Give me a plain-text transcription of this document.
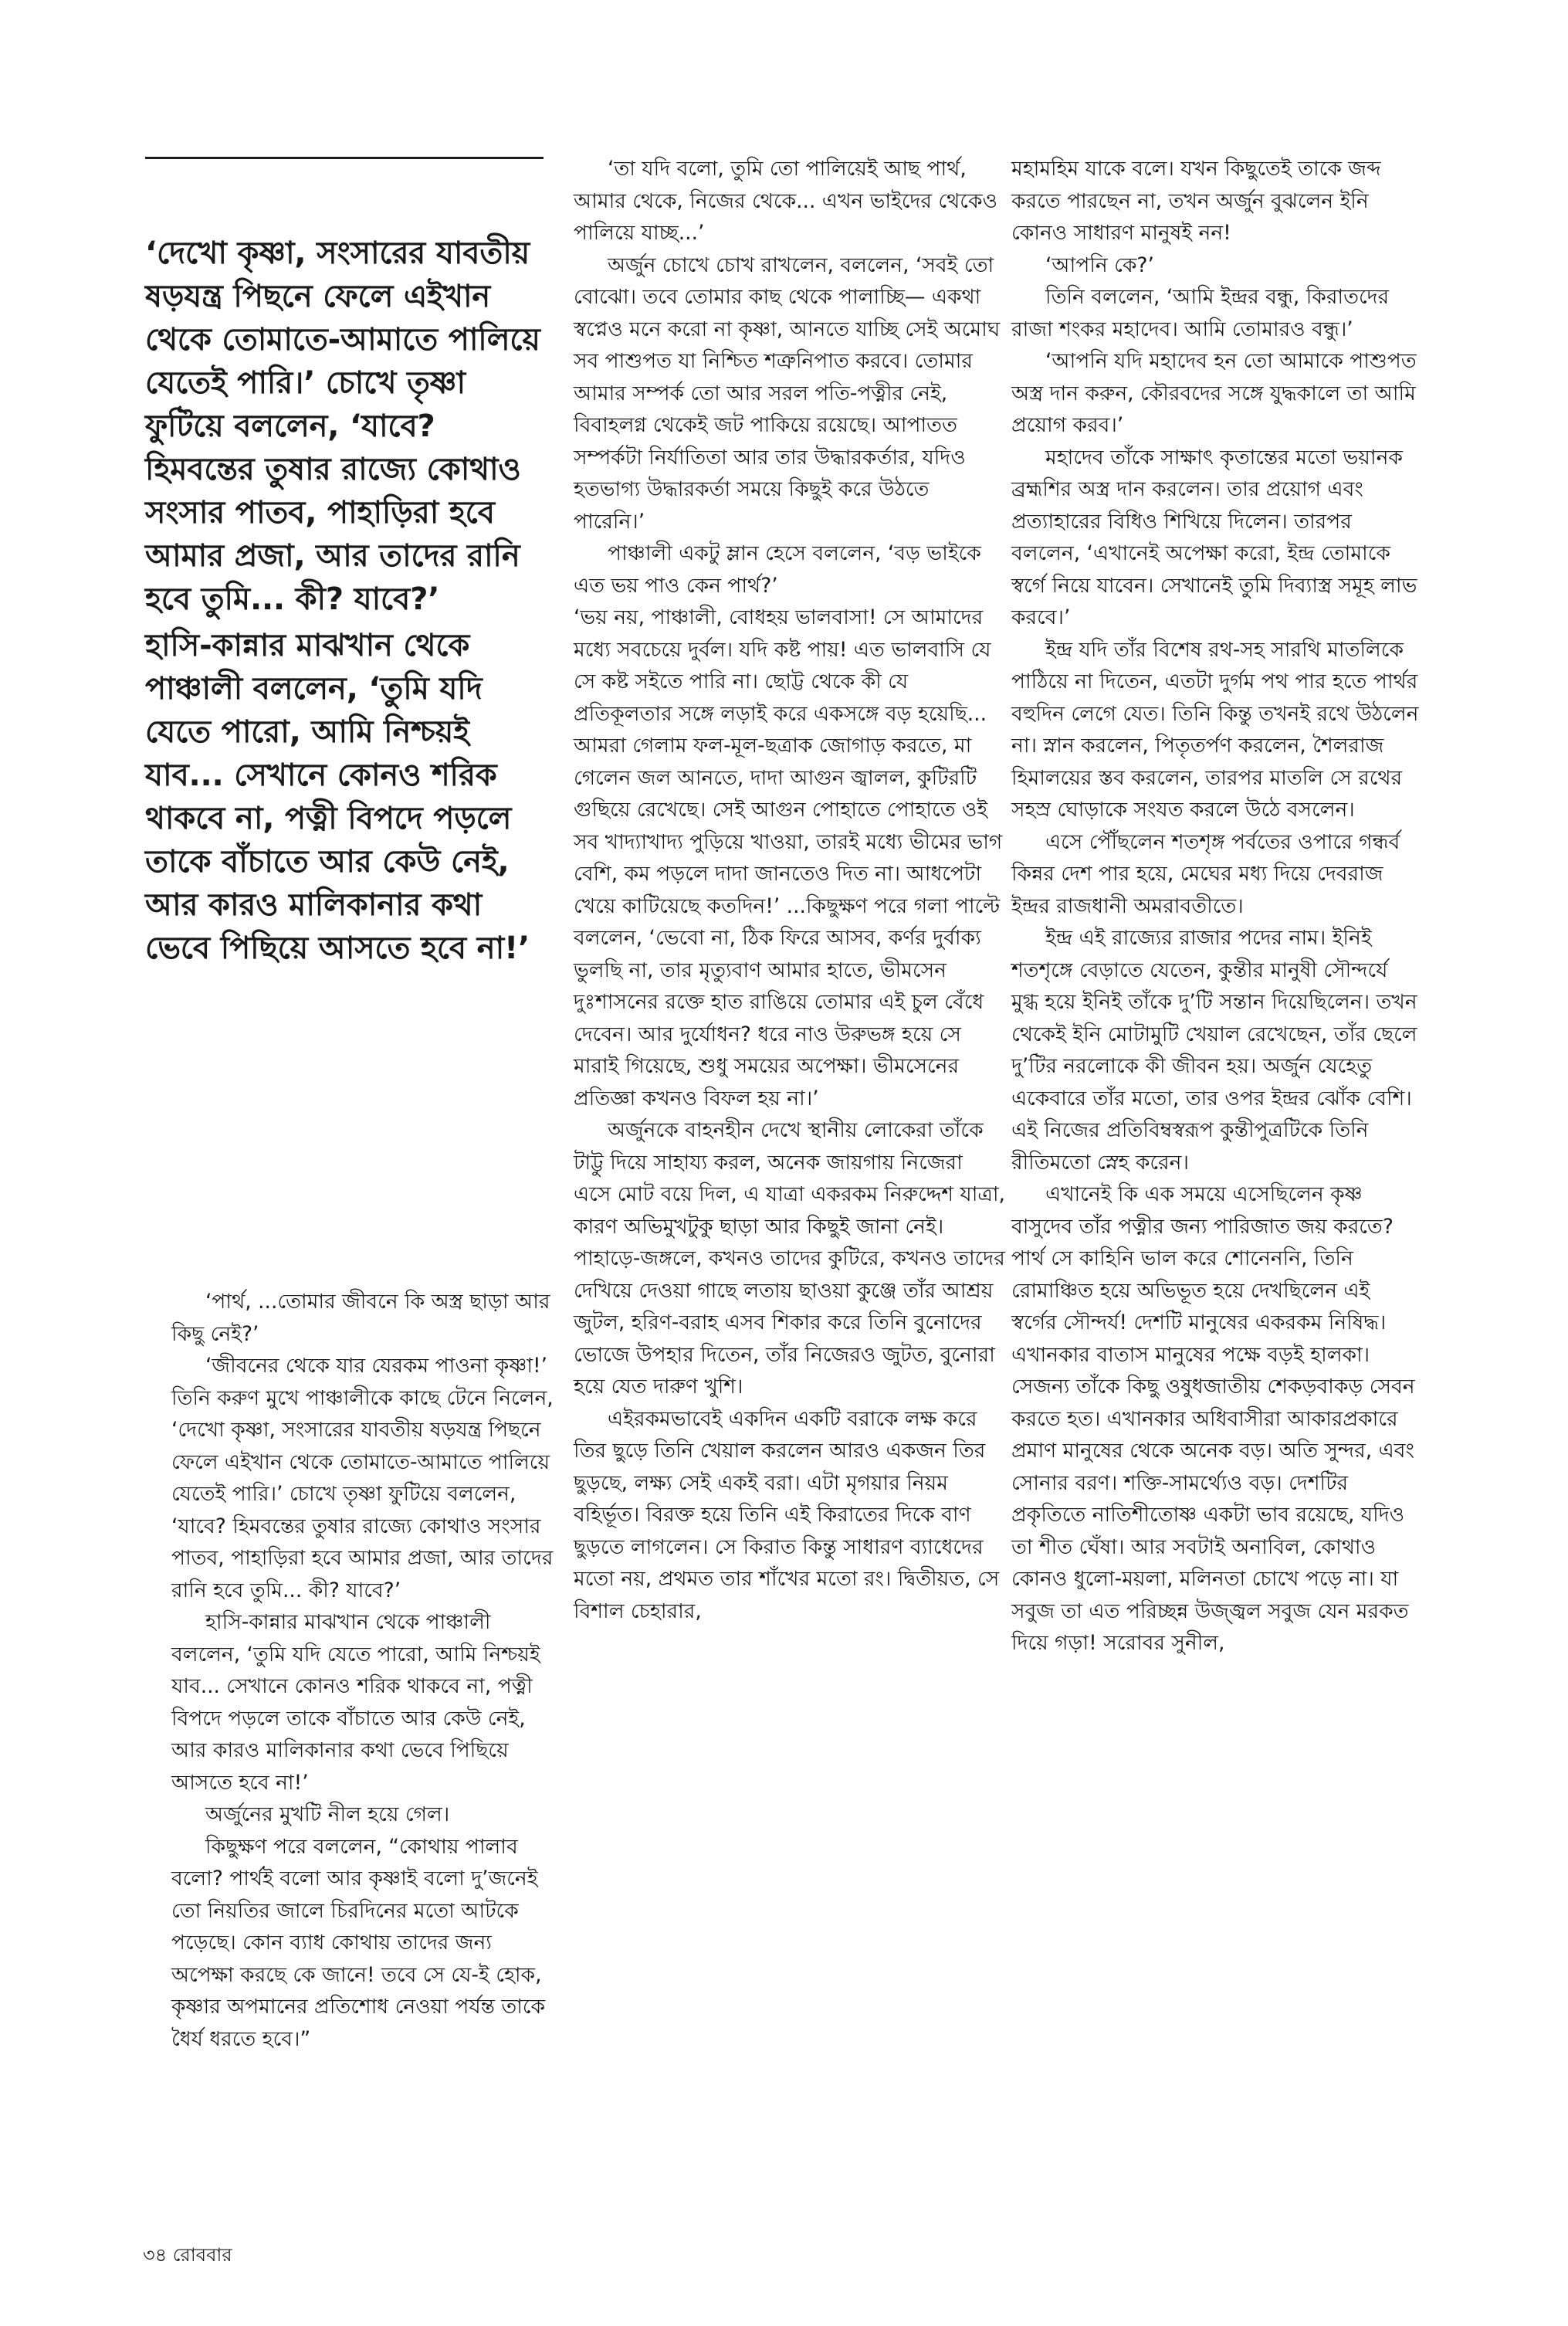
‘দেখো কৃষ্ণা, সংসারের যাবতীয় ষড়যন্ত্র পিছনে ফেলে এইখান থেকে তোমাতে-আমাতে পালিয়ে যেতেই পারি।’ চোখে তৃষ্ণা ফুটিয়ে বললেন, ‘যাবে? হিমবন্তের তুষার রাজ্যে কোথাও সংসার পাতব, পাহাড়িরা হবে আমার প্রজা, আর তাদের রানি হবে তুমি... কী? যাবে?’

হাসি-কান্নার মাঝখান থেকে পাঞ্চালী বললেন, ‘তুমি যদি যেতে পারো, আমি নিশ্চয়ই যাব... সেখানে কোনও শরিক থাকবে না, পত্নী বিপদে পড়লে তাকে বাঁচাতে আর কেউ নেই, আর কারও মালিকানার কথা ভেবে পিছিয়ে আসতে হবে না!’

‘পার্থ, ...তোমার জীবনে কি অস্ত্র ছাড়া আর কিছু নেই?’

‘জীবনের থেকে যার যেরকম পাওনা কৃষ্ণা!’ তিনি করুণ মুখে পাঞ্চালীকে কাছে টেনে নিলেন, ‘দেখো কৃষ্ণা, সংসারের যাবতীয় ষড়যন্ত্র পিছনে ফেলে এইখান থেকে তোমাতে-আমাতে পালিয়ে যেতেই পারি।’ চোখে তৃষ্ণা ফুটিয়ে বললেন, ‘যাবে? হিমবন্তের তুষার রাজ্যে কোথাও সংসার পাতব, পাহাড়িরা হবে আমার প্রজা, আর তাদের রানি হবে তুমি... কী? যাবে?’

হাসি-কান্নার মাঝখান থেকে পাঞ্চালী বললেন, ‘তুমি যদি যেতে পারো, আমি নিশ্চয়ই যাব... সেখানে কোনও শরিক থাকবে না, পত্নী বিপদে পড়লে তাকে বাঁচাতে আর কেউ নেই, আর কারও মালিকানার কথা ভেবে পিছিয়ে আসতে হবে না!’

অর্জুনের মুখটি নীল হয়ে গেল।

কিছুক্ষণ পরে বললেন, “কোথায় পালাব বলো? পার্থই বলো আর কৃষ্ণাই বলো দু’জনেই তো নিয়তির জালে চিরদিনের মতো আটকে পড়েছে। কোন ব্যাধ কোথায় তাদের জন্য অপেক্ষা করছে কে জানে! তবে সে যে-ই হোক, কৃষ্ণার অপমানের প্রতিশোধ নেওয়া পর্যন্ত তাকে ধৈর্য ধরতে হবে।”

‘তা যদি বলো, তুমি তো পালিয়েই আছ পার্থ, আমার থেকে, নিজের থেকে... এখন ভাইদের থেকেও পালিয়ে যাচ্ছ...’

অর্জুন চোখে চোখ রাখলেন, বললেন, ‘সবই তো বোঝো। তবে তোমার কাছ থেকে পালাচ্ছি— একথা স্বপ্নেও মনে করো না কৃষ্ণা, আনতে যাচ্ছি সেই অমোঘ সব পাশুপত যা নিশ্চিত শত্রুনিপাত করবে। তোমার আমার সম্পর্ক তো আর সরল পতি-পত্নীর নেই, বিবাহলগ্ন থেকেই জট পাকিয়ে রয়েছে। আপাতত সম্পর্কটা নির্যাতিতা আর তার উদ্ধারকর্তার, যদিও হতভাগ্য উদ্ধারকর্তা সময়ে কিছুই করে উঠতে পারেনি।’

পাঞ্চালী একটু ম্লান হেসে বললেন, ‘বড় ভাইকে এত ভয় পাও কেন পার্থ?’

‘ভয় নয়, পাঞ্চালী, বোধহয় ভালবাসা! সে আমাদের মধ্যে সবচেয়ে দুর্বল। যদি কষ্ট পায়! এত ভালবাসি যে সে কষ্ট সইতে পারি না। ছোট্ট থেকে কী যে প্রতিকূলতার সঙ্গে লড়াই করে একসঙ্গে বড় হয়েছি... আমরা গেলাম ফল-মূল-ছত্রাক জোগাড় করতে, মা গেলেন জল আনতে, দাদা আগুন জ্বালল, কুটিরটি গুছিয়ে রেখেছে। সেই আগুন পোহাতে পোহাতে ওই সব খাদ্যাখাদ্য পুড়িয়ে খাওয়া, তারই মধ্যে ভীমের ভাগ বেশি, কম পড়লে দাদা জানতেও দিত না। আধপেটা খেয়ে কাটিয়েছে কতদিন!’ ...কিছুক্ষণ পরে গলা পাল্টে বললেন, ‘ভেবো না, ঠিক ফিরে আসব, কর্ণর দুর্বাক্য ভুলছি না, তার মৃত্যুবাণ আমার হাতে, ভীমসেন দুঃশাসনের রক্তে হাত রাঙিয়ে তোমার এই চুল বেঁধে দেবেন। আর দুর্যোধন? ধরে নাও উরুভঙ্গ হয়ে সে মারাই গিয়েছে, শুধু সময়ের অপেক্ষা। ভীমসেনের প্রতিজ্ঞা কখনও বিফল হয় না।’

অর্জুনকে বাহনহীন দেখে স্থানীয় লোকেরা তাঁকে টাট্টু দিয়ে সাহায্য করল, অনেক জায়গায় নিজেরা এসে মোট বয়ে দিল, এ যাত্রা একরকম নিরুদ্দেশ যাত্রা, কারণ অভিমুখটুকু ছাড়া আর কিছুই জানা নেই। পাহাড়ে-জঙ্গলে, কখনও তাদের কুটিরে, কখনও তাদের দেখিয়ে দেওয়া গাছে লতায় ছাওয়া কুঞ্জে তাঁর আশ্রয় জুটল, হরিণ-বরাহ এসব শিকার করে তিনি বুনোদের ভোজে উপহার দিতেন, তাঁর নিজেরও জুটত, বুনোরা হয়ে যেত দারুণ খুশি।

এইরকমভাবেই একদিন একটি বরাকে লক্ষ করে তির ছুড়ে তিনি খেয়াল করলেন আরও একজন তির ছুড়ছে, লক্ষ্য সেই একই বরা। এটা মৃগয়ার নিয়ম বহির্ভূত। বিরক্ত হয়ে তিনি এই কিরাতের দিকে বাণ ছুড়তে লাগলেন। সে কিরাত কিন্তু সাধারণ ব্যাধেদের মতো নয়, প্রথমত তার শাঁখের মতো রং। দ্বিতীয়ত, সে বিশাল চেহারার,

মহামহিম যাকে বলে। যখন কিছুতেই তাকে জব্দ করতে পারছেন না, তখন অর্জুন বুঝলেন ইনি কোনও সাধারণ মানুষই নন!

‘আপনি কে?’

তিনি বললেন, ‘আমি ইন্দ্রর বন্ধু, কিরাতদের রাজা শংকর মহাদেব। আমি তোমারও বন্ধু।’

‘আপনি যদি মহাদেব হন তো আমাকে পাশুপত অস্ত্র দান করুন, কৌরবদের সঙ্গে যুদ্ধকালে তা আমি প্রয়োগ করব।’

মহাদেব তাঁকে সাক্ষাৎ কৃতান্তের মতো ভয়ানক ব্রহ্মশির অস্ত্র দান করলেন। তার প্রয়োগ এবং প্রত্যাহারের বিধিও শিখিয়ে দিলেন। তারপর বললেন, ‘এখানেই অপেক্ষা করো, ইন্দ্র তোমাকে স্বর্গে নিয়ে যাবেন। সেখানেই তুমি দিব্যাস্ত্র সমূহ লাভ করবে।’

ইন্দ্র যদি তাঁর বিশেষ রথ-সহ সারথি মাতলিকে পাঠিয়ে না দিতেন, এতটা দুর্গম পথ পার হতে পার্থর বহুদিন লেগে যেত। তিনি কিন্তু তখনই রথে উঠলেন না। স্নান করলেন, পিতৃতর্পণ করলেন, শৈলরাজ হিমালয়ের স্তব করলেন, তারপর মাতলি সে রথের সহস্র ঘোড়াকে সংযত করলে উঠে বসলেন।

এসে পৌঁছলেন শতশৃঙ্গ পর্বতের ওপারে গন্ধর্ব কিন্নর দেশ পার হয়ে, মেঘের মধ্য দিয়ে দেবরাজ ইন্দ্রর রাজধানী অমরাবতীতে।

ইন্দ্র এই রাজ্যের রাজার পদের নাম। ইনিই শতশৃঙ্গে বেড়াতে যেতেন, কুন্তীর মানুষী সৌন্দর্যে মুগ্ধ হয়ে ইনিই তাঁকে দু’টি সন্তান দিয়েছিলেন। তখন থেকেই ইনি মোটামুটি খেয়াল রেখেছেন, তাঁর ছেলে দু’টির নরলোকে কী জীবন হয়। অর্জুন যেহেতু একেবারে তাঁর মতো, তার ওপর ইন্দ্রর ঝোঁক বেশি। এই নিজের প্রতিবিম্বস্বরূপ কুন্তীপুত্রটিকে তিনি রীতিমতো স্নেহ করেন।

এখানেই কি এক সময়ে এসেছিলেন কৃষ্ণ বাসুদেব তাঁর পত্নীর জন্য পারিজাত জয় করতে? পার্থ সে কাহিনি ভাল করে শোনেননি, তিনি রোমাঞ্চিত হয়ে অভিভূত হয়ে দেখছিলেন এই স্বর্গের সৌন্দর্য! দেশটি মানুষের একরকম নিষিদ্ধ। এখানকার বাতাস মানুষের পক্ষে বড়ই হালকা। সেজন্য তাঁকে কিছু ওষুধজাতীয় শেকড়বাকড় সেবন করতে হত। এখানকার অধিবাসীরা আকারপ্রকারে প্রমাণ মানুষের থেকে অনেক বড়। অতি সুন্দর, এবং সোনার বরণ। শক্তি-সামর্থ্যেও বড়। দেশটির প্রকৃতিতে নাতিশীতোষ্ণ একটা ভাব রয়েছে, যদিও তা শীত ঘেঁষা। আর সবটাই অনাবিল, কোথাও কোনও ধুলো-ময়লা, মলিনতা চোখে পড়ে না। যা সবুজ তা এত পরিচ্ছন্ন উজ্জ্বল সবুজ যেন মরকত দিয়ে গড়া! সরোবর সুনীল,

৩৪ রোববার
